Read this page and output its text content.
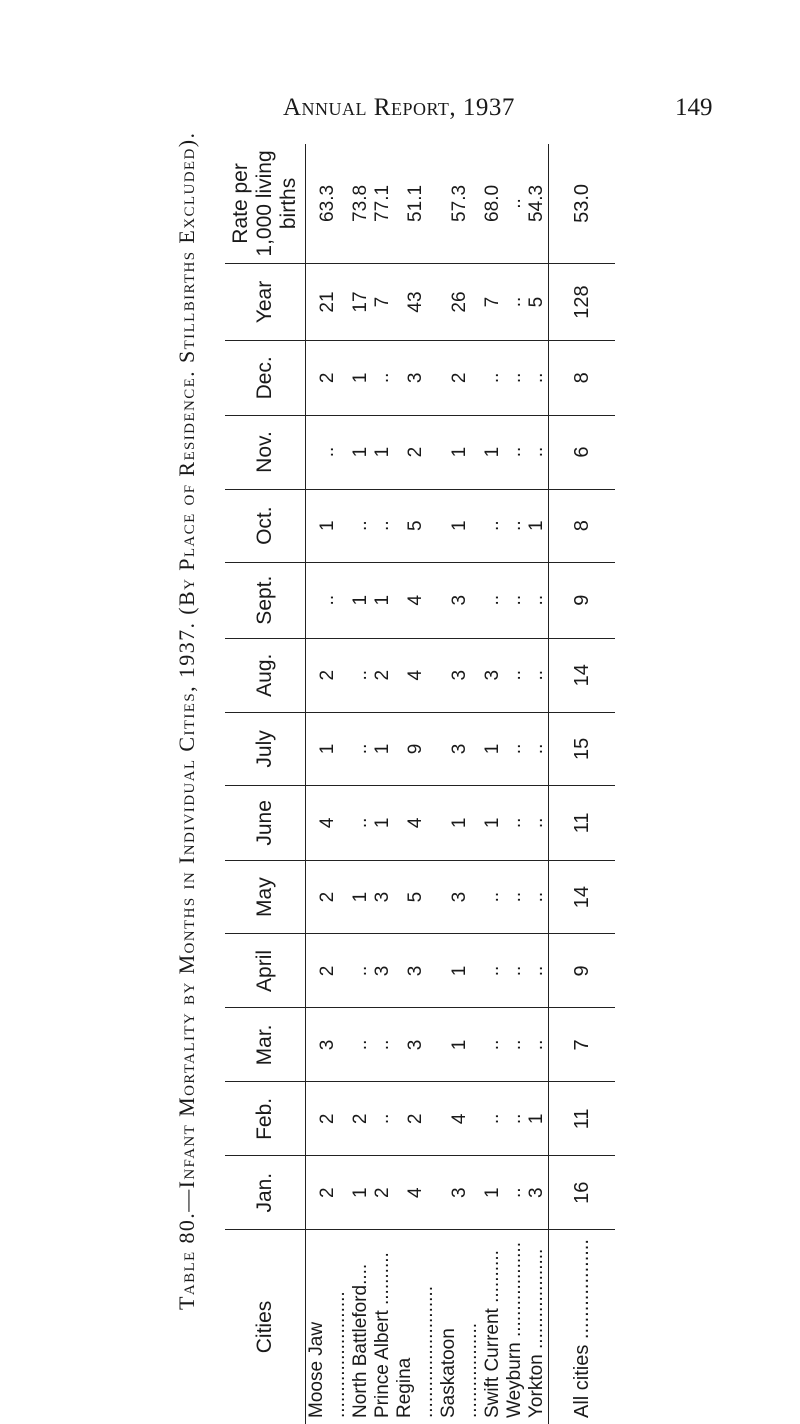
Annual Report, 1937	149
Table 80.—Infant Mortality by Months in Individual Cities, 1937. (By Place of Residence. Stillbirths Excluded).
Cities	Jan.	Feb.	Mar.	April	May	June	July	Aug.	Sept.	Oct.	Nov.	Dec.	Year	Rate per 1,000 living births
Moose Jaw ........................	2	2	3	2	2	4	1	2	..	1	..	2	21	63.3
North Battleford....	1	2	..	..	1	..	..	..	1	..	1	1	17	73.8
Prince Albert ..........	2	..	..	3	3	1	1	2	1	..	1	..	7	77.1
Regina .........................	4	2	3	3	5	4	9	4	4	5	2	3	43	51.1
Saskatoon ..................	3	4	1	1	3	1	3	3	3	1	1	2	26	57.3
Swift Current ..........	1	..	..	..	..	1	1	3	..	..	1	..	7	68.0
Weyburn ..................	..	..	..	..	..	..	..	..	..	..	..	..	..	..
Yorkton ...................	3	1	..	..	..	..	..	..	..	1	..	..	5	54.3
All cities ..................	16	11	7	9	14	11	15	14	9	8	6	8	128	53.0
